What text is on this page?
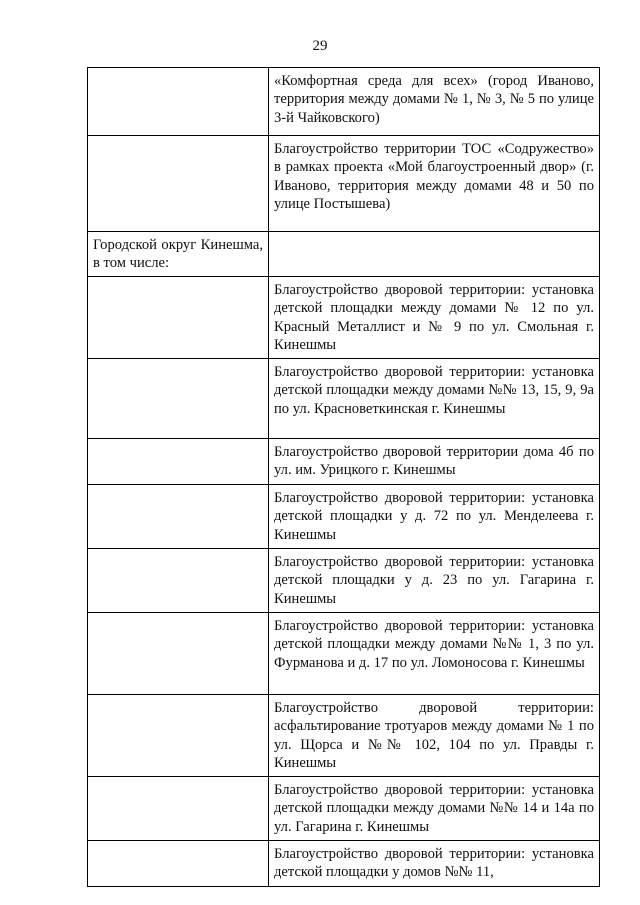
29
	«Комфортная среда для всех» (город Иваново, территория между домами № 1, № 3, № 5 по улице 3-й Чайковского)
	Благоустройство территории ТОС «Содружество» в рамках проекта «Мой благоустроенный двор» (г. Иваново, территория между домами 48 и 50 по улице Постышева)
Городской округ Кинешма, в том числе:	
	Благоустройство дворовой территории: установка детской площадки между домами № 12 по ул. Красный Металлист и № 9 по ул. Смольная г. Кинешмы
	Благоустройство дворовой территории: установка детской площадки между домами №№ 13, 15, 9, 9а по ул. Красноветкинская г. Кинешмы
	Благоустройство дворовой территории дома 4б по ул. им. Урицкого г. Кинешмы
	Благоустройство дворовой территории: установка детской площадки у д. 72 по ул. Менделеева г. Кинешмы
	Благоустройство дворовой территории: установка детской площадки у д. 23 по ул. Гагарина г. Кинешмы
	Благоустройство дворовой территории: установка детской площадки между домами №№ 1, 3 по ул. Фурманова и д. 17 по ул. Ломоносова г. Кинешмы
	Благоустройство дворовой территории: асфальтирование тротуаров между домами № 1 по ул. Щорса и №№ 102, 104 по ул. Правды г. Кинешмы
	Благоустройство дворовой территории: установка детской площадки между домами №№ 14 и 14а по ул. Гагарина г. Кинешмы
	Благоустройство дворовой территории: установка детской площадки у домов №№ 11,
